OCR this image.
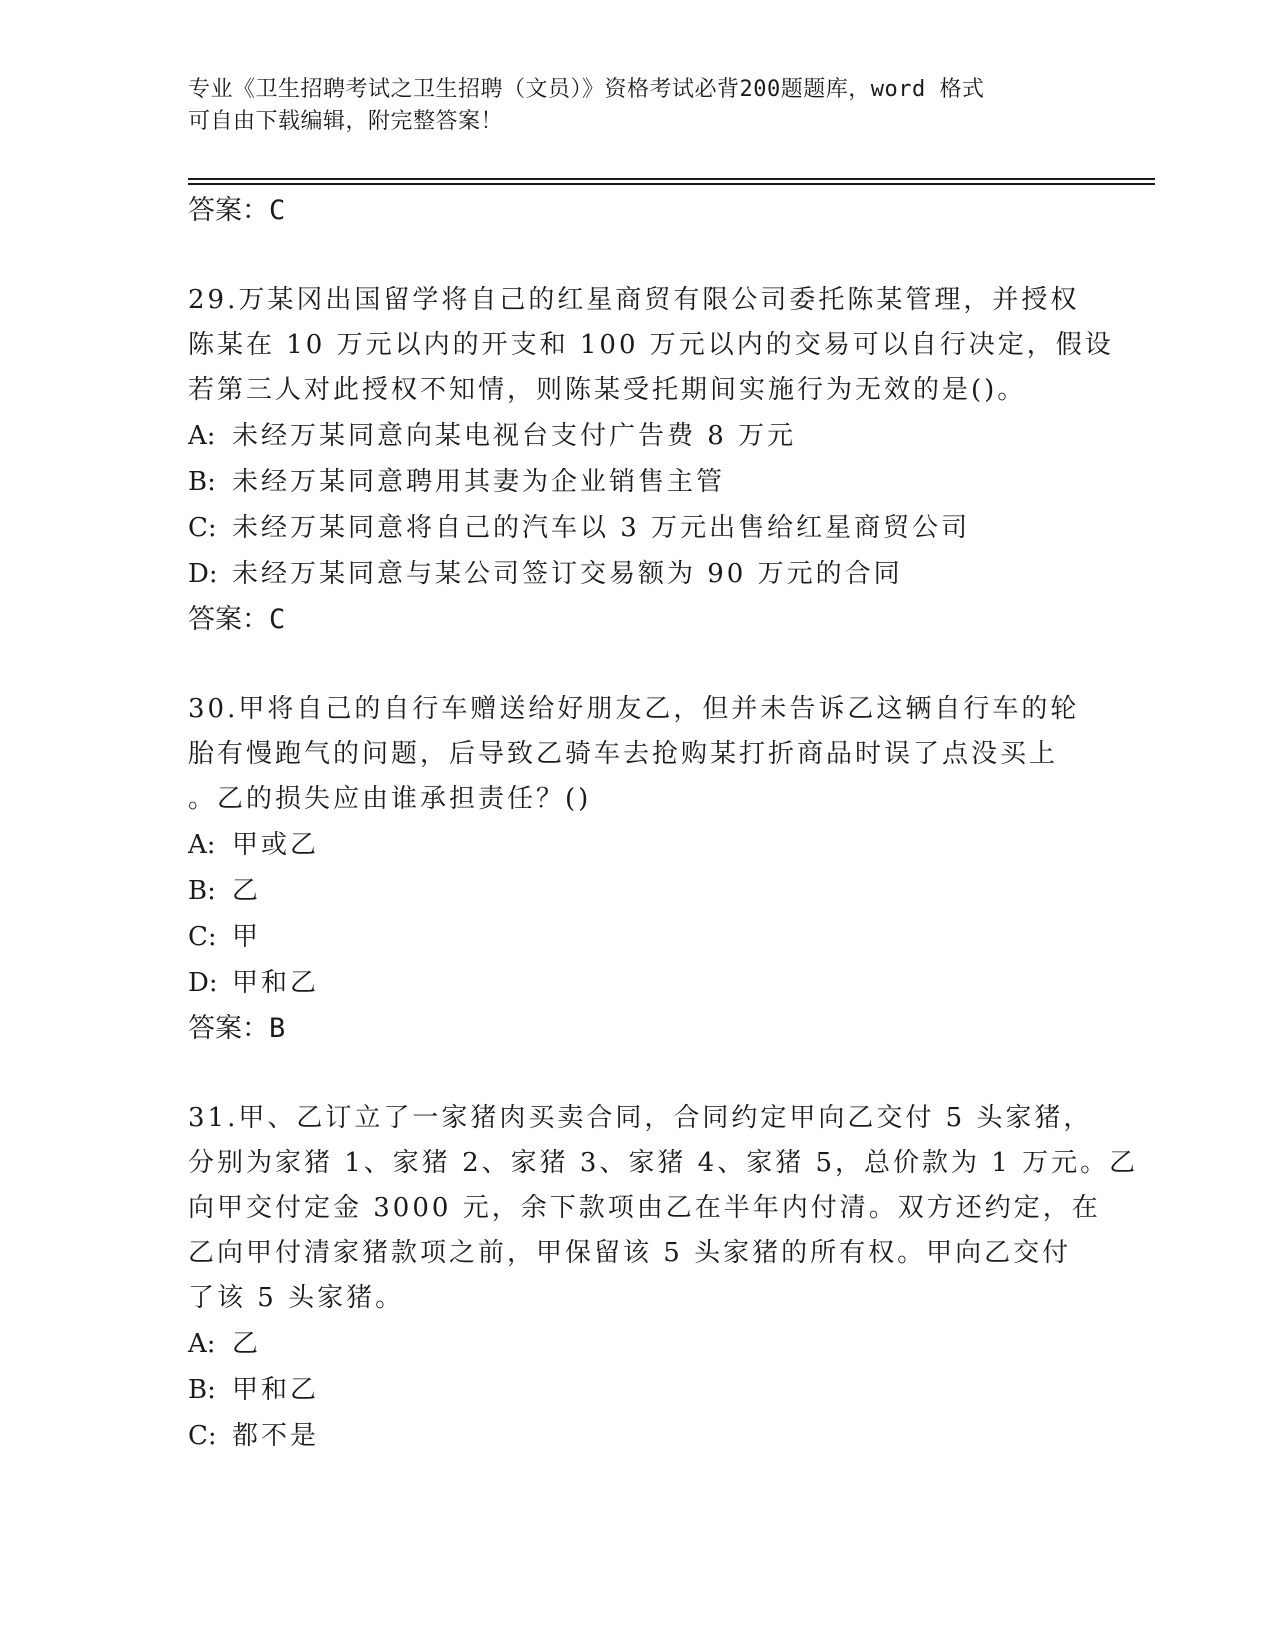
专业《卫生招聘考试之卫生招聘（文员）》资格考试必背200题题库，word 格式
可自由下载编辑，附完整答案！
答案：C
29.万某冈出国留学将自己的红星商贸有限公司委托陈某管理，并授权
陈某在 10 万元以内的开支和 100 万元以内的交易可以自行决定，假设
若第三人对此授权不知情，则陈某受托期间实施行为无效的是()。
A: 未经万某同意向某电视台支付广告费 8 万元
B: 未经万某同意聘用其妻为企业销售主管
C: 未经万某同意将自己的汽车以 3 万元出售给红星商贸公司
D: 未经万某同意与某公司签订交易额为 90 万元的合同
答案：C
30.甲将自己的自行车赠送给好朋友乙，但并未告诉乙这辆自行车的轮
胎有慢跑气的问题，后导致乙骑车去抢购某打折商品时误了点没买上
。乙的损失应由谁承担责任？()
A: 甲或乙
B: 乙
C: 甲
D: 甲和乙
答案：B
31.甲、乙订立了一家猪肉买卖合同，合同约定甲向乙交付 5 头家猪，
分别为家猪 1、家猪 2、家猪 3、家猪 4、家猪 5，总价款为 1 万元。乙
向甲交付定金 3000 元，余下款项由乙在半年内付清。双方还约定，在
乙向甲付清家猪款项之前，甲保留该 5 头家猪的所有权。甲向乙交付
了该 5 头家猪。
A: 乙
B: 甲和乙
C: 都不是
